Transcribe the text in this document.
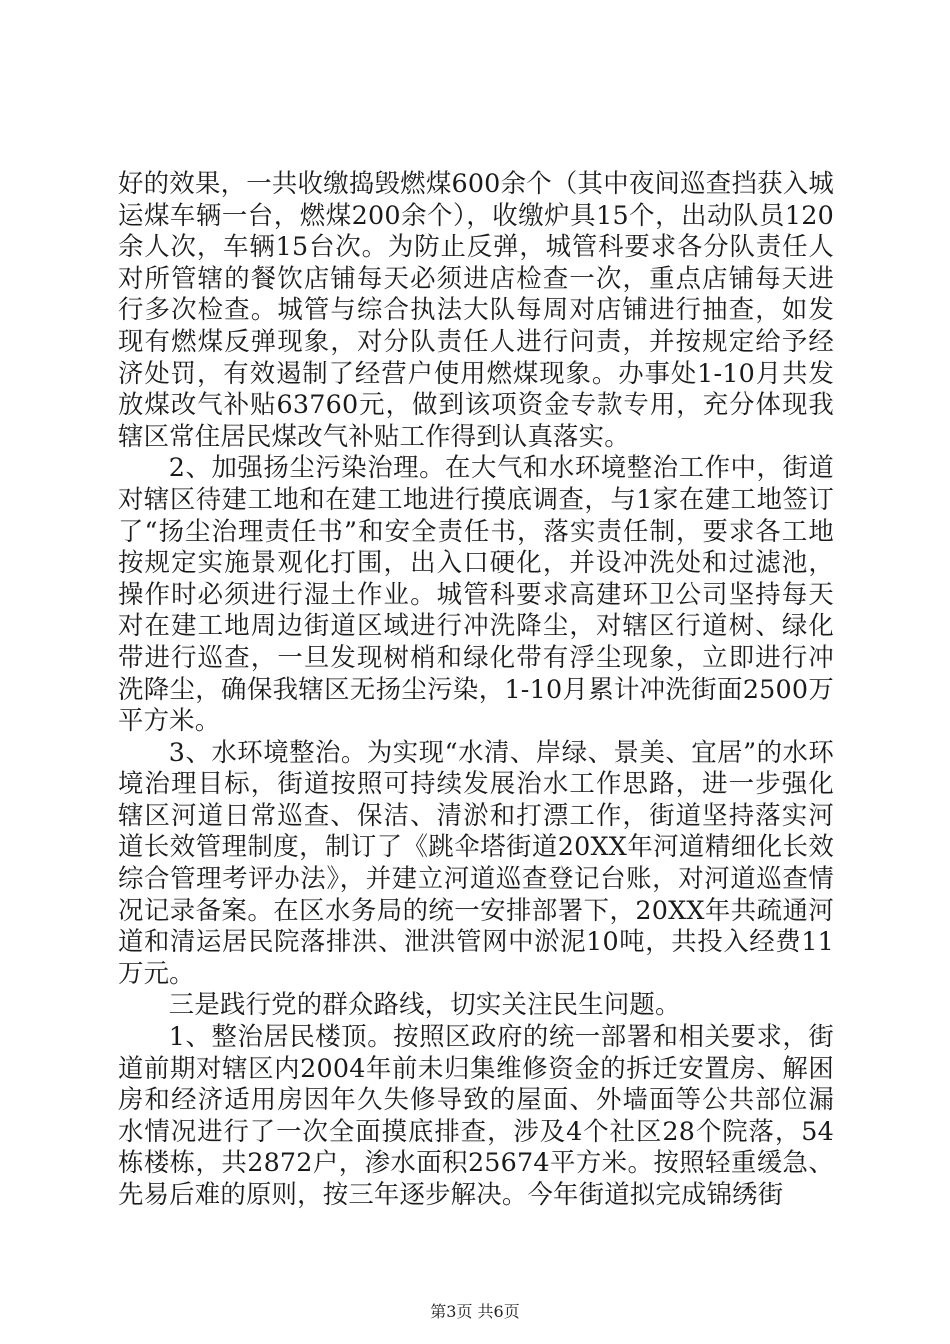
好的效果，一共收缴捣毁燃煤600余个（其中夜间巡查挡获入城运煤车辆一台，燃煤200余个），收缴炉具15个，出动队员120余人次，车辆15台次。为防止反弹，城管科要求各分队责任人对所管辖的餐饮店铺每天必须进店检查一次，重点店铺每天进行多次检查。城管与综合执法大队每周对店铺进行抽查，如发现有燃煤反弹现象，对分队责任人进行问责，并按规定给予经济处罚，有效遏制了经营户使用燃煤现象。办事处1-10月共发放煤改气补贴63760元，做到该项资金专款专用，充分体现我辖区常住居民煤改气补贴工作得到认真落实。

2、加强扬尘污染治理。在大气和水环境整治工作中，街道对辖区待建工地和在建工地进行摸底调查，与1家在建工地签订了“扬尘治理责任书”和安全责任书，落实责任制，要求各工地按规定实施景观化打围，出入口硬化，并设冲洗处和过滤池，操作时必须进行湿土作业。城管科要求高建环卫公司坚持每天对在建工地周边街道区域进行冲洗降尘，对辖区行道树、绿化带进行巡查，一旦发现树梢和绿化带有浮尘现象，立即进行冲洗降尘，确保我辖区无扬尘污染，1-10月累计冲洗街面2500万平方米。

3、水环境整治。为实现“水清、岸绿、景美、宜居”的水环境治理目标，街道按照可持续发展治水工作思路，进一步强化辖区河道日常巡查、保洁、清淤和打漂工作，街道坚持落实河道长效管理制度，制订了《跳伞塔街道20XX年河道精细化长效综合管理考评办法》，并建立河道巡查登记台账，对河道巡查情况记录备案。在区水务局的统一安排部署下，20XX年共疏通河道和清运居民院落排洪、泄洪管网中淤泥10吨，共投入经费11万元。

三是践行党的群众路线，切实关注民生问题。

1、整治居民楼顶。按照区政府的统一部署和相关要求，街道前期对辖区内2004年前未归集维修资金的拆迁安置房、解困房和经济适用房因年久失修导致的屋面、外墙面等公共部位漏水情况进行了一次全面摸底排查，涉及4个社区28个院落，54栋楼栋，共2872户，渗水面积25674平方米。按照轻重缓急、先易后难的原则，按三年逐步解决。今年街道拟完成锦绣街

第3页 共6页
